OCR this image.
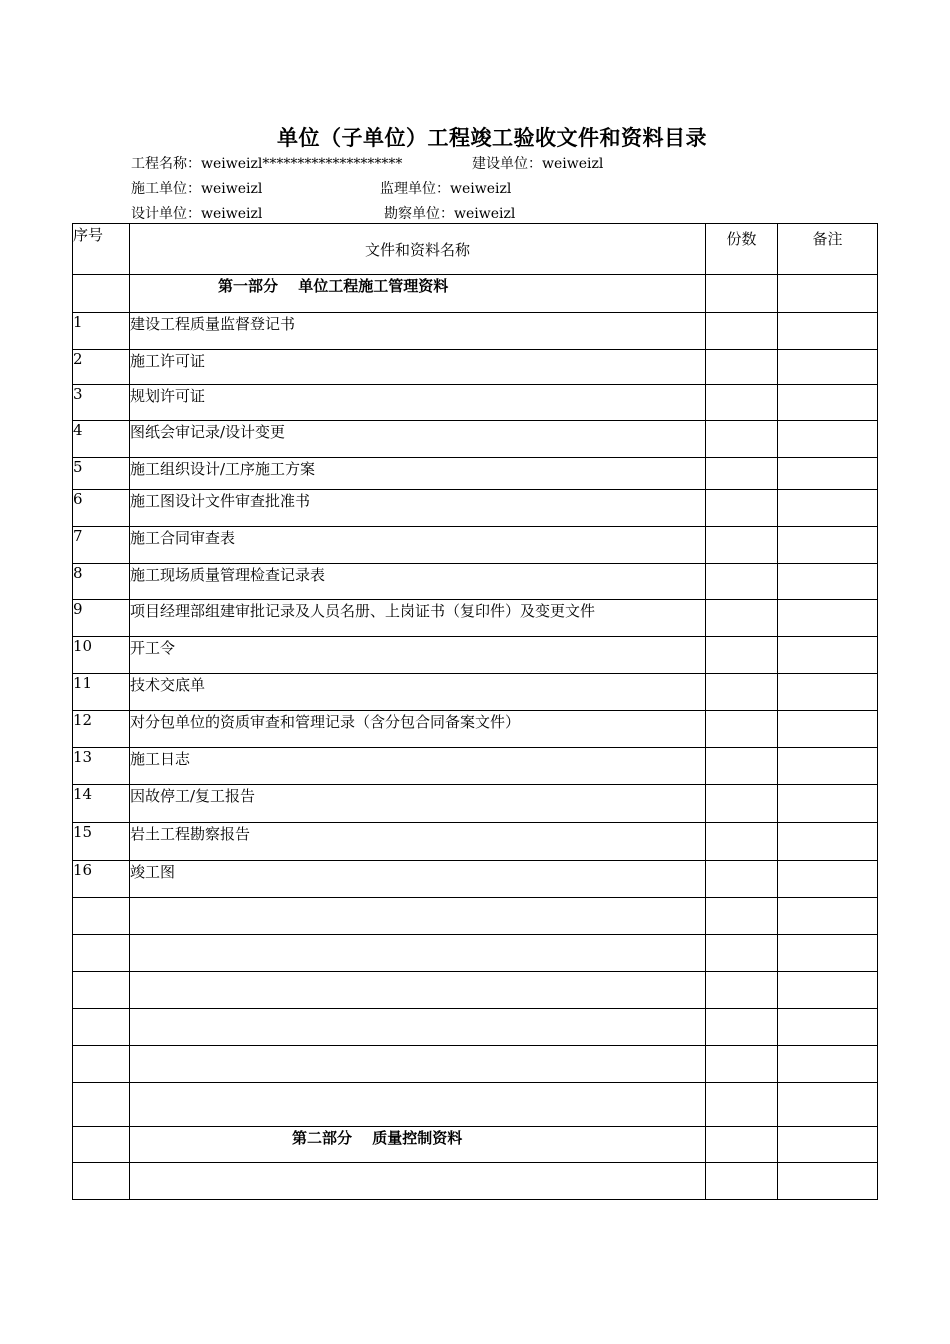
单位（子单位）工程竣工验收文件和资料目录
工程名称：weiweizl********************	建设单位：weiweizl
施工单位：weiweizl	监理单位：weiweizl
设计单位：weiweizl	勘察单位：weiweizl
序号	文件和资料名称	份数	备注
	第一部分　 单位工程施工管理资料		
1	建设工程质量监督登记书		
2	施工许可证		
3	规划许可证		
4	图纸会审记录/设计变更		
5	施工组织设计/工序施工方案		
6	施工图设计文件审查批准书		
7	施工合同审查表		
8	施工现场质量管理检查记录表		
9	项目经理部组建审批记录及人员名册、上岗证书（复印件）及变更文件		
10	开工令		
11	技术交底单		
12	对分包单位的资质审查和管理记录（含分包合同备案文件）		
13	施工日志		
14	因故停工/复工报告		
15	岩土工程勘察报告		
16	竣工图		

	第二部分　 质量控制资料		
